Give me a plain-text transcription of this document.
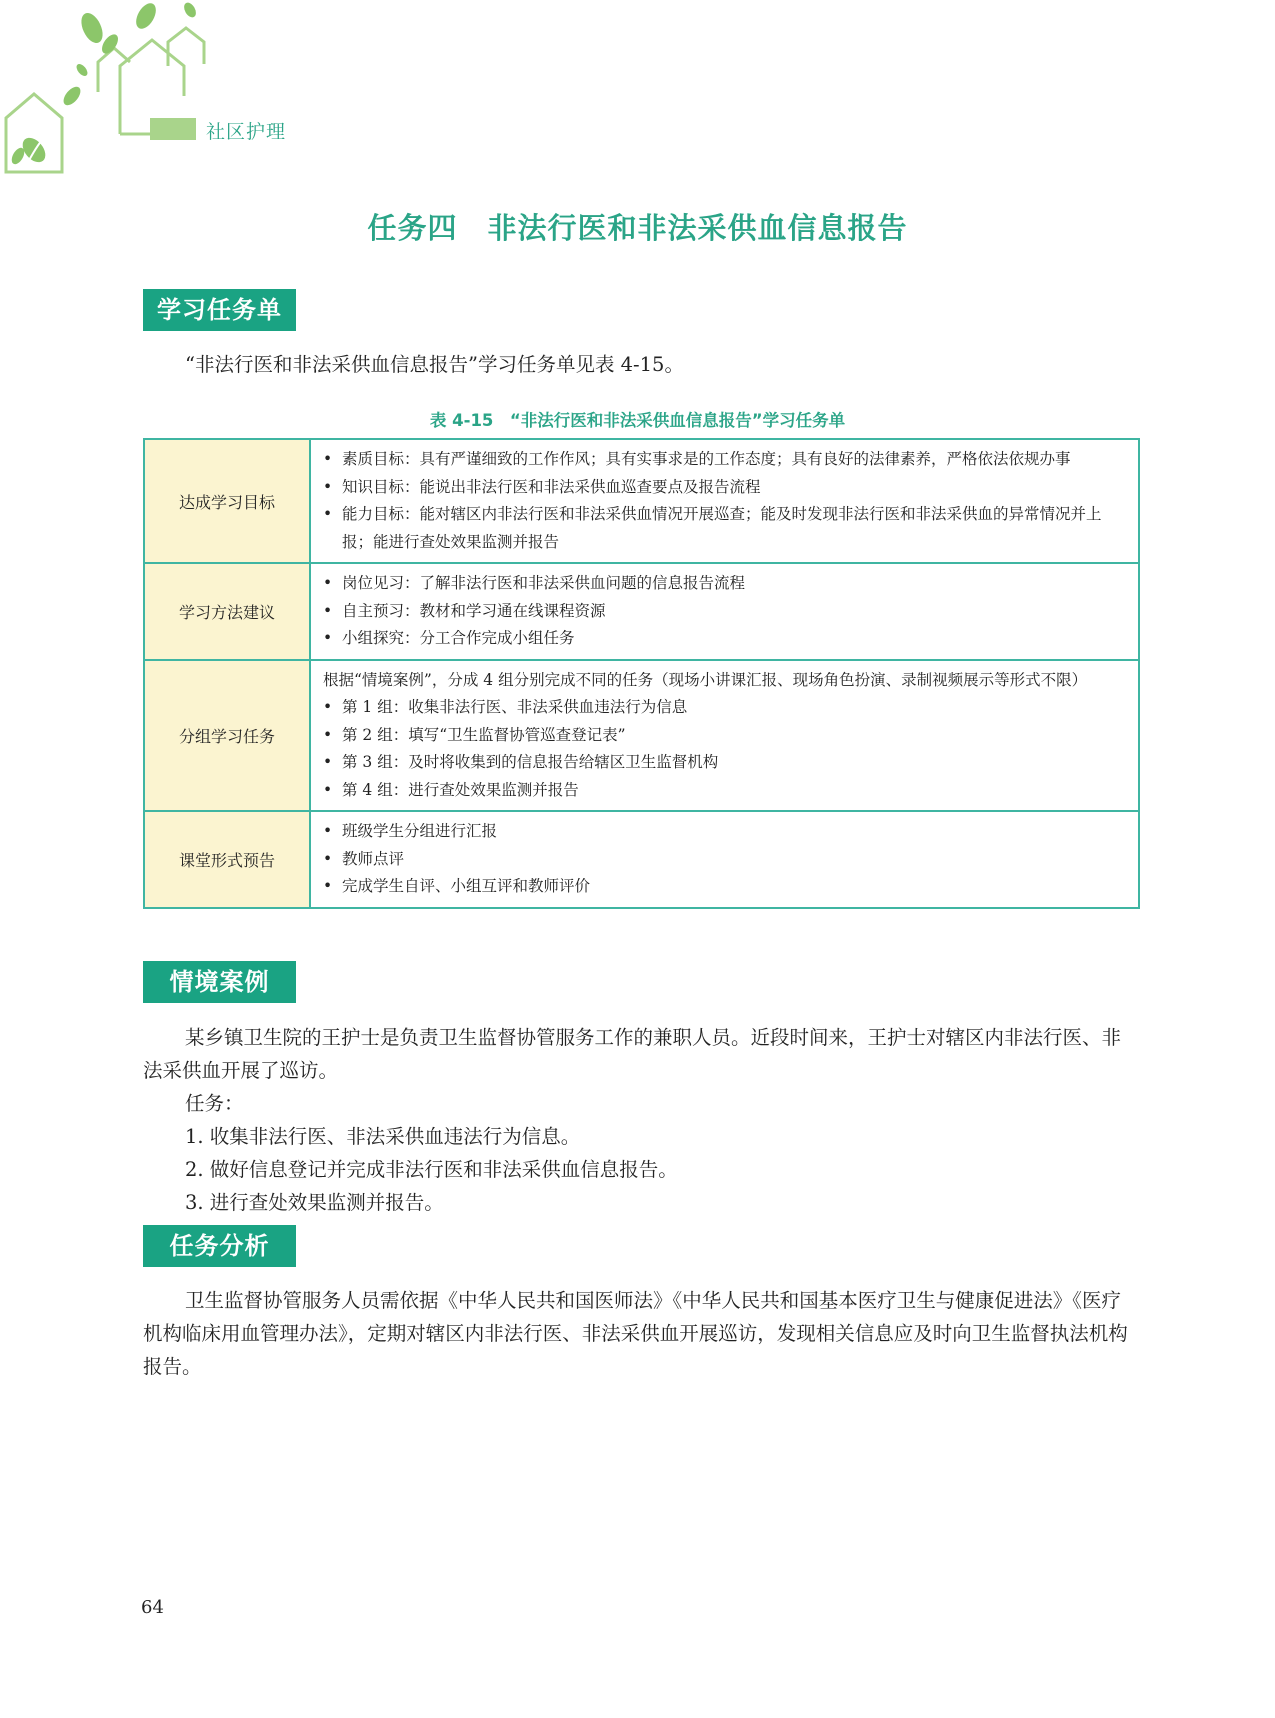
社区护理
任务四　非法行医和非法采供血信息报告
学习任务单
“非法行医和非法采供血信息报告”学习任务单见表 4-15。
表 4-15　“非法行医和非法采供血信息报告”学习任务单
达成学习目标	• 素质目标：具有严谨细致的工作作风；具有实事求是的工作态度；具有良好的法律素养，严格依法依规办事
• 知识目标：能说出非法行医和非法采供血巡查要点及报告流程
• 能力目标：能对辖区内非法行医和非法采供血情况开展巡查；能及时发现非法行医和非法采供血的异常情况并上报；能进行查处效果监测并报告

学习方法建议	• 岗位见习：了解非法行医和非法采供血问题的信息报告流程
• 自主预习：教材和学习通在线课程资源
• 小组探究：分工合作完成小组任务

分组学习任务	根据“情境案例”，分成 4 组分别完成不同的任务（现场小讲课汇报、现场角色扮演、录制视频展示等形式不限）
• 第 1 组：收集非法行医、非法采供血违法行为信息
• 第 2 组：填写“卫生监督协管巡查登记表”
• 第 3 组：及时将收集到的信息报告给辖区卫生监督机构
• 第 4 组：进行查处效果监测并报告

课堂形式预告	• 班级学生分组进行汇报
• 教师点评
• 完成学生自评、小组互评和教师评价
情境案例
某乡镇卫生院的王护士是负责卫生监督协管服务工作的兼职人员。近段时间来，王护士对辖区内非法行医、非法采供血开展了巡访。
任务：
1. 收集非法行医、非法采供血违法行为信息。
2. 做好信息登记并完成非法行医和非法采供血信息报告。
3. 进行查处效果监测并报告。
任务分析
卫生监督协管服务人员需依据《中华人民共和国医师法》《中华人民共和国基本医疗卫生与健康促进法》《医疗机构临床用血管理办法》，定期对辖区内非法行医、非法采供血开展巡访，发现相关信息应及时向卫生监督执法机构报告。
64
